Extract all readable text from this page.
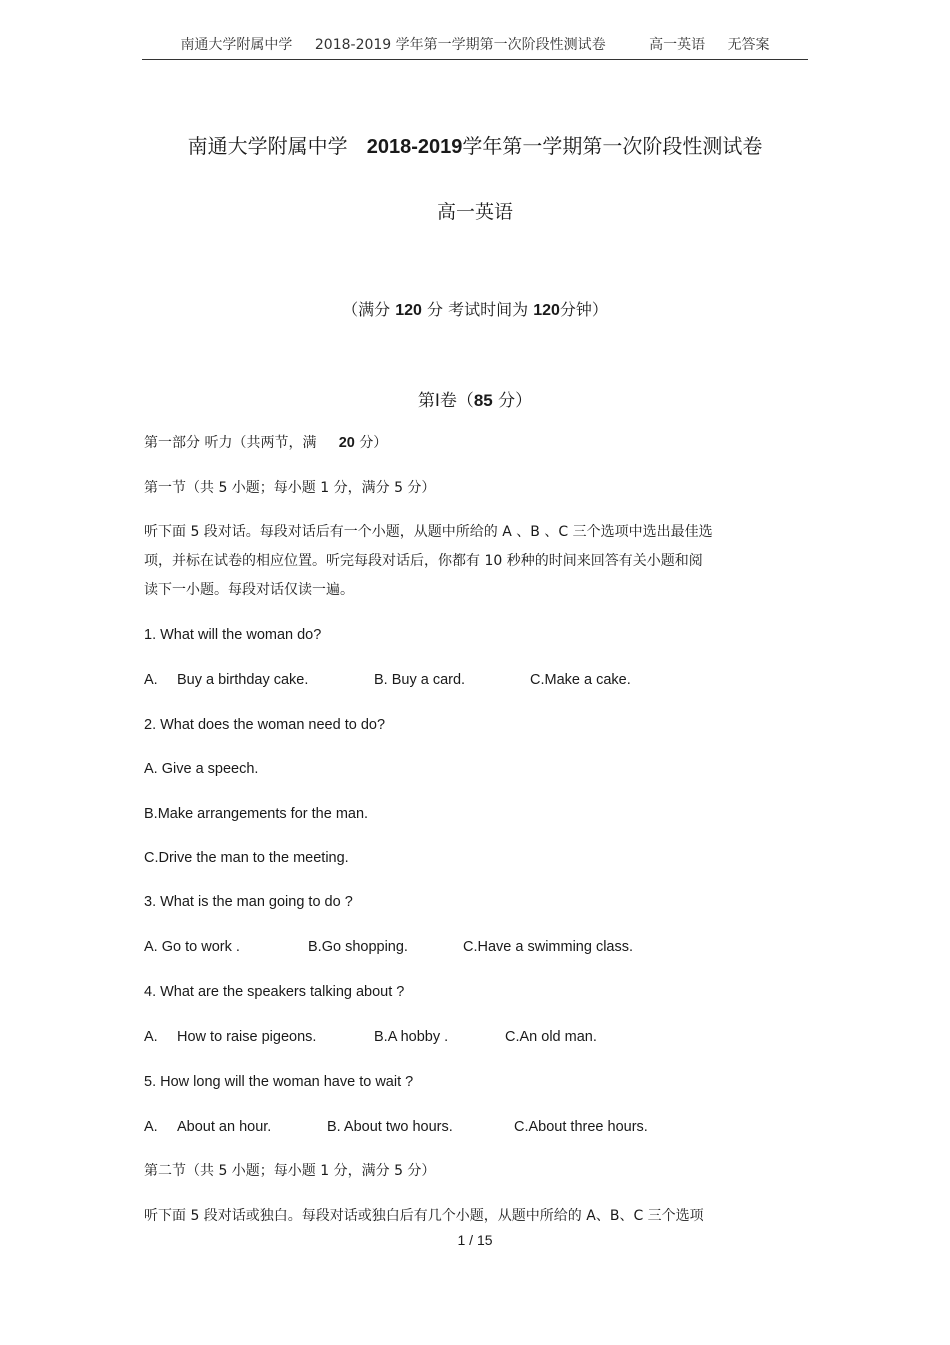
南通大学附属中学 2018-2019 学年第一学期第一次阶段性测试卷	高一英语 无答案
南通大学附属中学 2018-2019学年第一学期第一次阶段性测试卷
高一英语
（满分 120 分 考试时间为 120分钟）
第Ⅰ卷（85 分）
第一部分 听力（共两节，满 20 分）
第一节（共 5 小题；每小题 1 分，满分 5 分）
听下面 5 段对话。每段对话后有一个小题，从题中所给的 A 、B 、C 三个选项中选出最佳选
项，并标在试卷的相应位置。听完每段对话后，你都有 10 秒种的时间来回答有关小题和阅
读下一小题。每段对话仅读一遍。
1. What will the woman do?
A. Buy a birthday cake.	B. Buy a card.	C.Make a cake.
2. What does the woman need to do?
A. Give a speech.
B.Make arrangements for the man.
C.Drive the man to the meeting.
3. What is the man going to do ?
A. Go to work .	B.Go shopping.	C.Have a swimming class.
4. What are the speakers talking about ?
A. How to raise pigeons.	B.A hobby .	C.An old man.
5. How long will the woman have to wait ?
A. About an hour.	B. About two hours.	C.About three hours.
第二节（共 5 小题；每小题 1 分，满分 5 分）
听下面 5 段对话或独白。每段对话或独白后有几个小题，从题中所给的 A、B、C 三个选项
1 / 15
